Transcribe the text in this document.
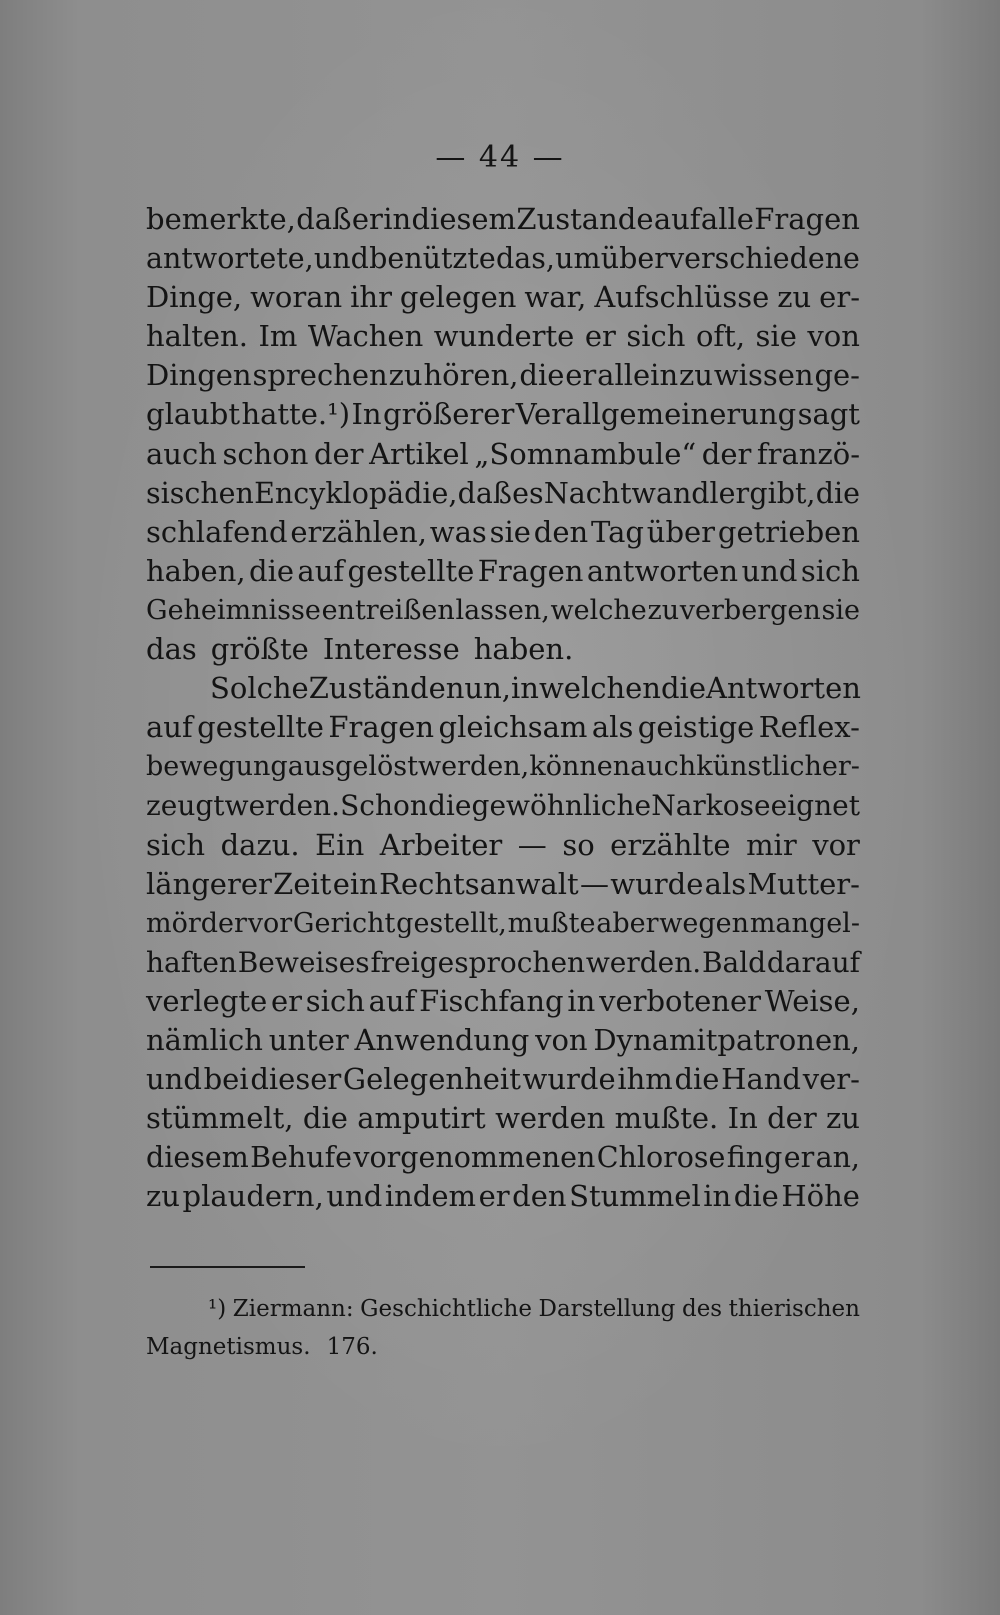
— 44 —
bemerkte, daß er in diesem Zustande auf alle Fragen
antwortete, und benützte das, um über verschiedene
Dinge, woran ihr gelegen war, Aufschlüsse zu er-
halten. Im Wachen wunderte er sich oft, sie von
Dingen sprechen zu hören, die er allein zu wissen ge-
glaubt hatte.¹) In größerer Verallgemeinerung sagt
auch schon der Artikel „Somnambule“ der franzö-
sischen Encyklopädie, daß es Nachtwandler gibt, die
schlafend erzählen, was sie den Tag über getrieben
haben, die auf gestellte Fragen antworten und sich
Geheimnisse entreißen lassen, welche zu verbergen sie
das größte Interesse haben.
Solche Zustände nun, in welchen die Antworten
auf gestellte Fragen gleichsam als geistige Reflex-
bewegung ausgelöst werden, können auch künstlich er-
zeugt werden. Schon die gewöhnliche Narkose eignet
sich dazu. Ein Arbeiter — so erzählte mir vor
längerer Zeit ein Rechtsanwalt — wurde als Mutter-
mörder vor Gericht gestellt, mußte aber wegen mangel-
haften Beweises freigesprochen werden. Bald darauf
verlegte er sich auf Fischfang in verbotener Weise,
nämlich unter Anwendung von Dynamitpatronen,
und bei dieser Gelegenheit wurde ihm die Hand ver-
stümmelt, die amputirt werden mußte. In der zu
diesem Behufe vorgenommenen Chlorose fing er an,
zu plaudern, und indem er den Stummel in die Höhe
¹) Ziermann: Geschichtliche Darstellung des thierischen
Magnetismus. 176.
